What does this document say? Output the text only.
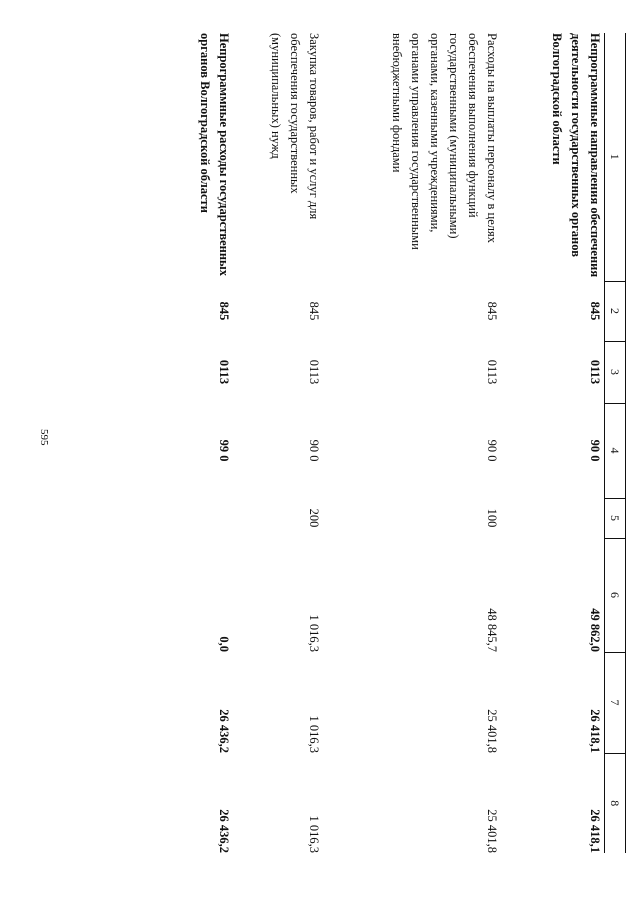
595
1	2	3	4	5	6	7	8
Непрограммные направления обеспечения деятельности государственных органов Волгоградской области	845	0113	90 0		49 862,0	26 418,1	26 418,1
Расходы на выплаты персоналу в целях обеспечения выполнения функций государственными (муниципальными) органами, казенными учреждениями, органами управления государственными внебюджетными фондами	845	0113	90 0	100	48 845,7	25 401,8	25 401,8
Закупка товаров, работ и услуг для обеспечения государственных (муниципальных) нужд	845	0113	90 0	200	1 016,3	1 016,3	1 016,3
Непрограммные расходы государственных органов Волгоградской области	845	0113	99 0		0,0	26 436,2	26 436,2
